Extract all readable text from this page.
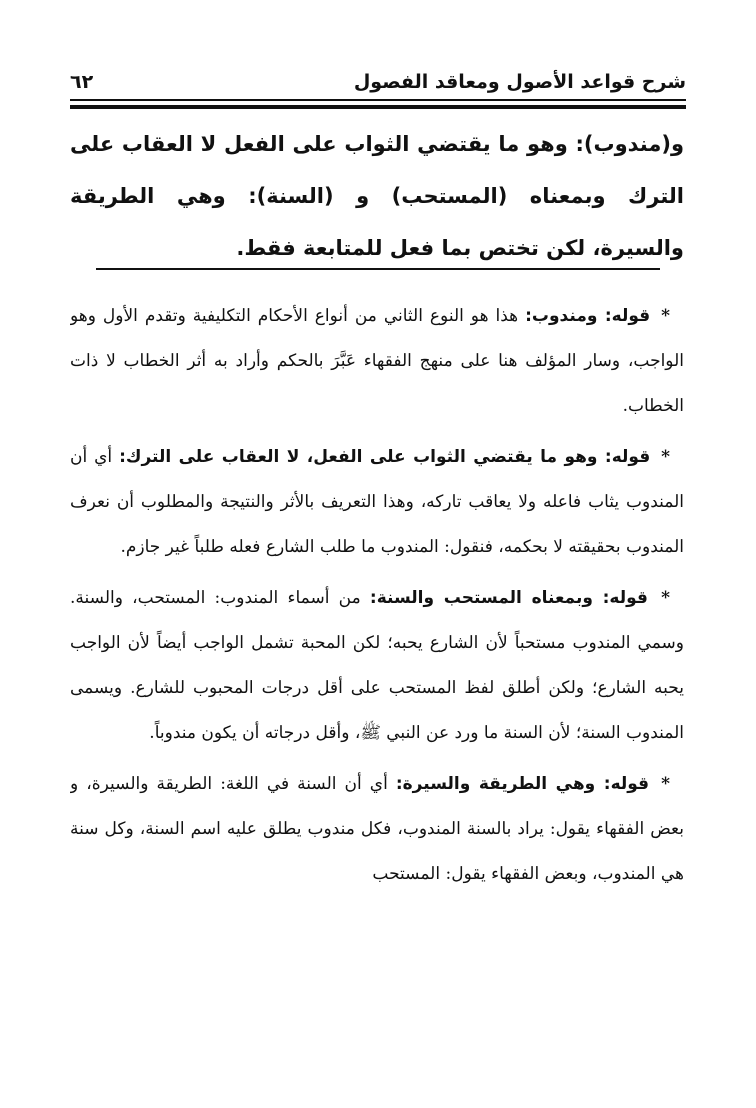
شرح قواعد الأصول ومعاقد الفصول
٦٢
و(مندوب): وهو ما يقتضي الثواب على الفعل لا العقاب على الترك وبمعناه (المستحب) و (السنة): وهي الطريقة والسيرة، لكن تختص بما فعل للمتابعة فقط.

* قوله: ومندوب: هذا هو النوع الثاني من أنواع الأحكام التكليفية وتقدم الأول وهو الواجب، وسار المؤلف هنا على منهج الفقهاء عَبَّرَ بالحكم وأراد به أثر الخطاب لا ذات الخطاب.

* قوله: وهو ما يقتضي الثواب على الفعل، لا العقاب على الترك: أي أن المندوب يثاب فاعله ولا يعاقب تاركه، وهذا التعريف بالأثر والنتيجة والمطلوب أن نعرف المندوب بحقيقته لا بحكمه، فنقول: المندوب ما طلب الشارع فعله طلباً غير جازم.

* قوله: وبمعناه المستحب والسنة: من أسماء المندوب: المستحب، والسنة. وسمي المندوب مستحباً لأن الشارع يحبه؛ لكن المحبة تشمل الواجب أيضاً لأن الواجب يحبه الشارع؛ ولكن أطلق لفظ المستحب على أقل درجات المحبوب للشارع. ويسمى المندوب السنة؛ لأن السنة ما ورد عن النبي ﷺ، وأقل درجاته أن يكون مندوباً.

* قوله: وهي الطريقة والسيرة: أي أن السنة في اللغة: الطريقة والسيرة، و بعض الفقهاء يقول: يراد بالسنة المندوب، فكل مندوب يطلق عليه اسم السنة، وكل سنة هي المندوب، وبعض الفقهاء يقول: المستحب
